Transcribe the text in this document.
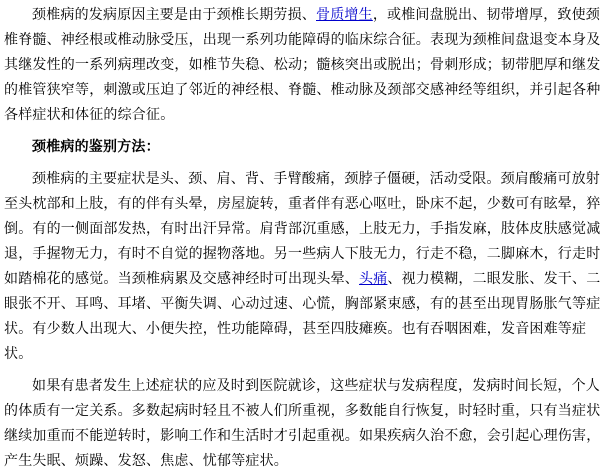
颈椎病的发病原因主要是由于颈椎长期劳损、骨质增生，或椎间盘脱出、韧带增厚，致使颈椎脊髓、神经根或椎动脉受压，出现一系列功能障碍的临床综合征。表现为颈椎间盘退变本身及其继发性的一系列病理改变，如椎节失稳、松动；髓核突出或脱出；骨刺形成；韧带肥厚和继发的椎管狭窄等，刺激或压迫了邻近的神经根、脊髓、椎动脉及颈部交感神经等组织，并引起各种各样症状和体征的综合征。

颈椎病的鉴别方法：

颈椎病的主要症状是头、颈、肩、背、手臂酸痛，颈脖子僵硬，活动受限。颈肩酸痛可放射至头枕部和上肢，有的伴有头晕，房屋旋转，重者伴有恶心呕吐，卧床不起，少数可有眩晕，猝倒。有的一侧面部发热，有时出汗异常。肩背部沉重感，上肢无力，手指发麻，肢体皮肤感觉减退，手握物无力，有时不自觉的握物落地。另一些病人下肢无力，行走不稳，二脚麻木，行走时如踏棉花的感觉。当颈椎病累及交感神经时可出现头晕、头痛、视力模糊，二眼发胀、发干、二眼张不开、耳鸣、耳堵、平衡失调、心动过速、心慌，胸部紧束感，有的甚至出现胃肠胀气等症状。有少数人出现大、小便失控，性功能障碍，甚至四肢瘫痪。也有吞咽困难，发音困难等症状。

如果有患者发生上述症状的应及时到医院就诊，这些症状与发病程度，发病时间长短，个人的体质有一定关系。多数起病时轻且不被人们所重视，多数能自行恢复，时轻时重，只有当症状继续加重而不能逆转时，影响工作和生活时才引起重视。如果疾病久治不愈，会引起心理伤害，产生失眠、烦躁、发怒、焦虑、忧郁等症状。
